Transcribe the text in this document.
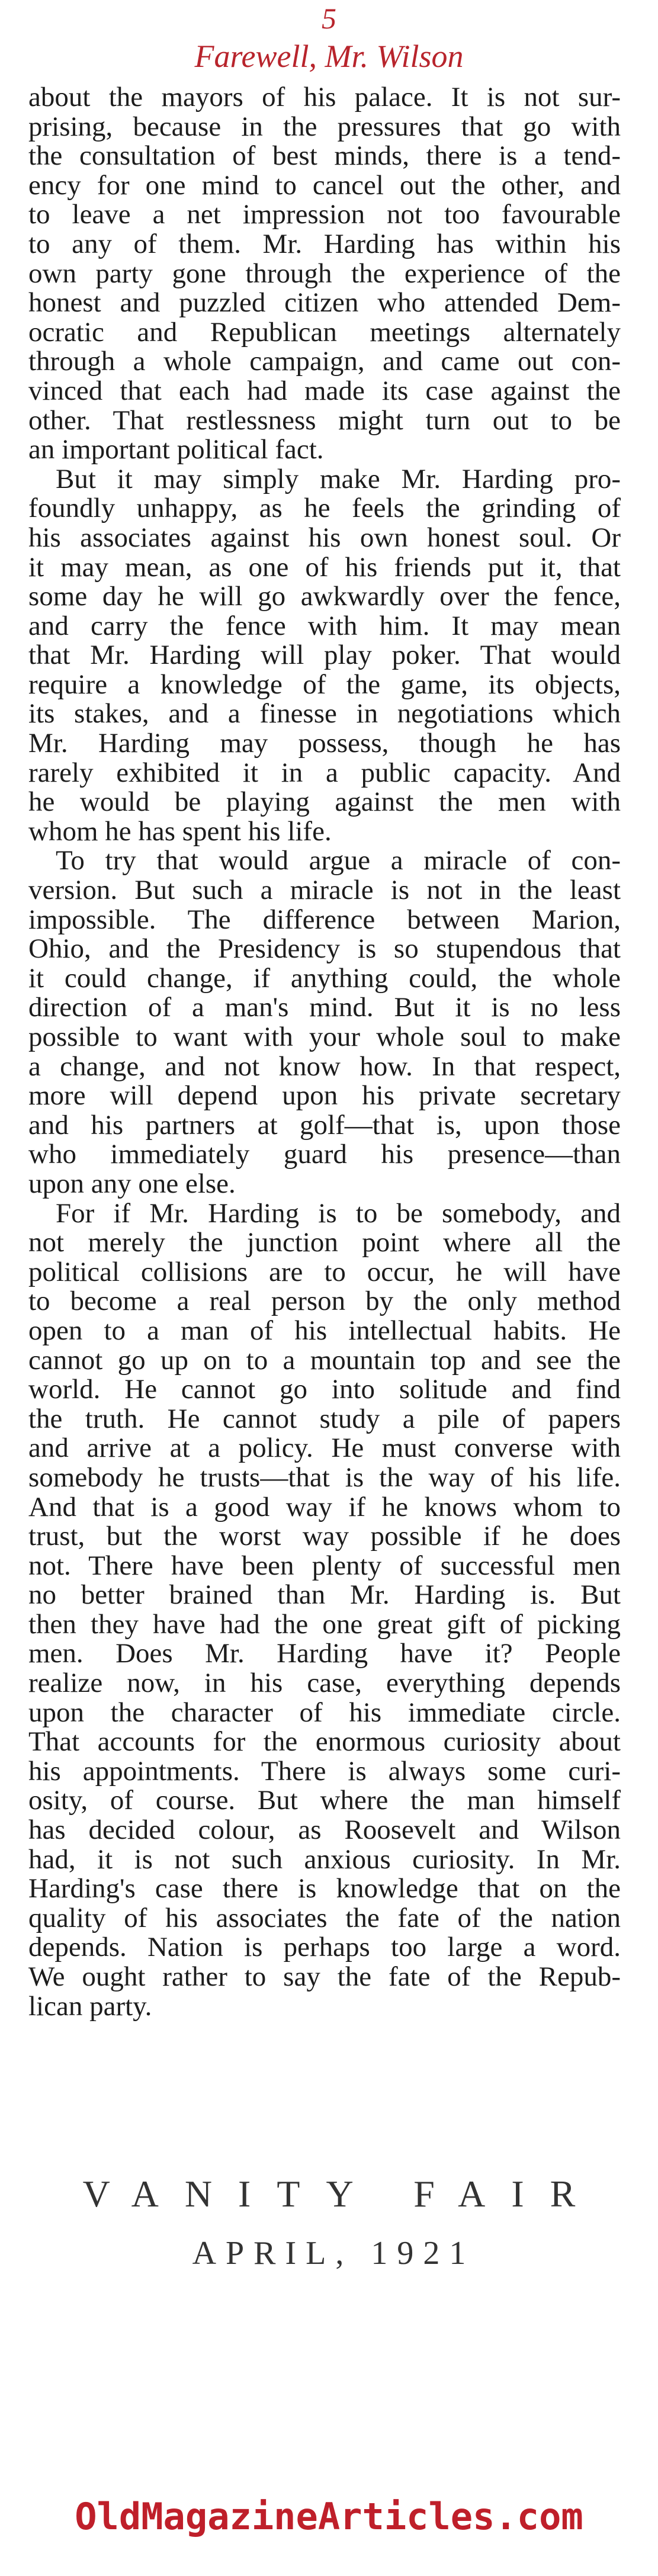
5
Farewell, Mr. Wilson
about the mayors of his palace. It is not sur-
prising, because in the pressures that go with
the consultation of best minds, there is a tend-
ency for one mind to cancel out the other, and
to leave a net impression not too favourable
to any of them. Mr. Harding has within his
own party gone through the experience of the
honest and puzzled citizen who attended Dem-
ocratic and Republican meetings alternately
through a whole campaign, and came out con-
vinced that each had made its case against the
other. That restlessness might turn out to be
an important political fact.
But it may simply make Mr. Harding pro-
foundly unhappy, as he feels the grinding of
his associates against his own honest soul. Or
it may mean, as one of his friends put it, that
some day he will go awkwardly over the fence,
and carry the fence with him. It may mean
that Mr. Harding will play poker. That would
require a knowledge of the game, its objects,
its stakes, and a finesse in negotiations which
Mr. Harding may possess, though he has
rarely exhibited it in a public capacity. And
he would be playing against the men with
whom he has spent his life.
To try that would argue a miracle of con-
version. But such a miracle is not in the least
impossible. The difference between Marion,
Ohio, and the Presidency is so stupendous that
it could change, if anything could, the whole
direction of a man's mind. But it is no less
possible to want with your whole soul to make
a change, and not know how. In that respect,
more will depend upon his private secretary
and his partners at golf—that is, upon those
who immediately guard his presence—than
upon any one else.
For if Mr. Harding is to be somebody, and
not merely the junction point where all the
political collisions are to occur, he will have
to become a real person by the only method
open to a man of his intellectual habits. He
cannot go up on to a mountain top and see the
world. He cannot go into solitude and find
the truth. He cannot study a pile of papers
and arrive at a policy. He must converse with
somebody he trusts—that is the way of his life.
And that is a good way if he knows whom to
trust, but the worst way possible if he does
not. There have been plenty of successful men
no better brained than Mr. Harding is. But
then they have had the one great gift of picking
men. Does Mr. Harding have it? People
realize now, in his case, everything depends
upon the character of his immediate circle.
That accounts for the enormous curiosity about
his appointments. There is always some curi-
osity, of course. But where the man himself
has decided colour, as Roosevelt and Wilson
had, it is not such anxious curiosity. In Mr.
Harding's case there is knowledge that on the
quality of his associates the fate of the nation
depends. Nation is perhaps too large a word.
We ought rather to say the fate of the Repub-
lican party.
VANITY FAIR
APRIL, 1921
OldMagazineArticles.com
